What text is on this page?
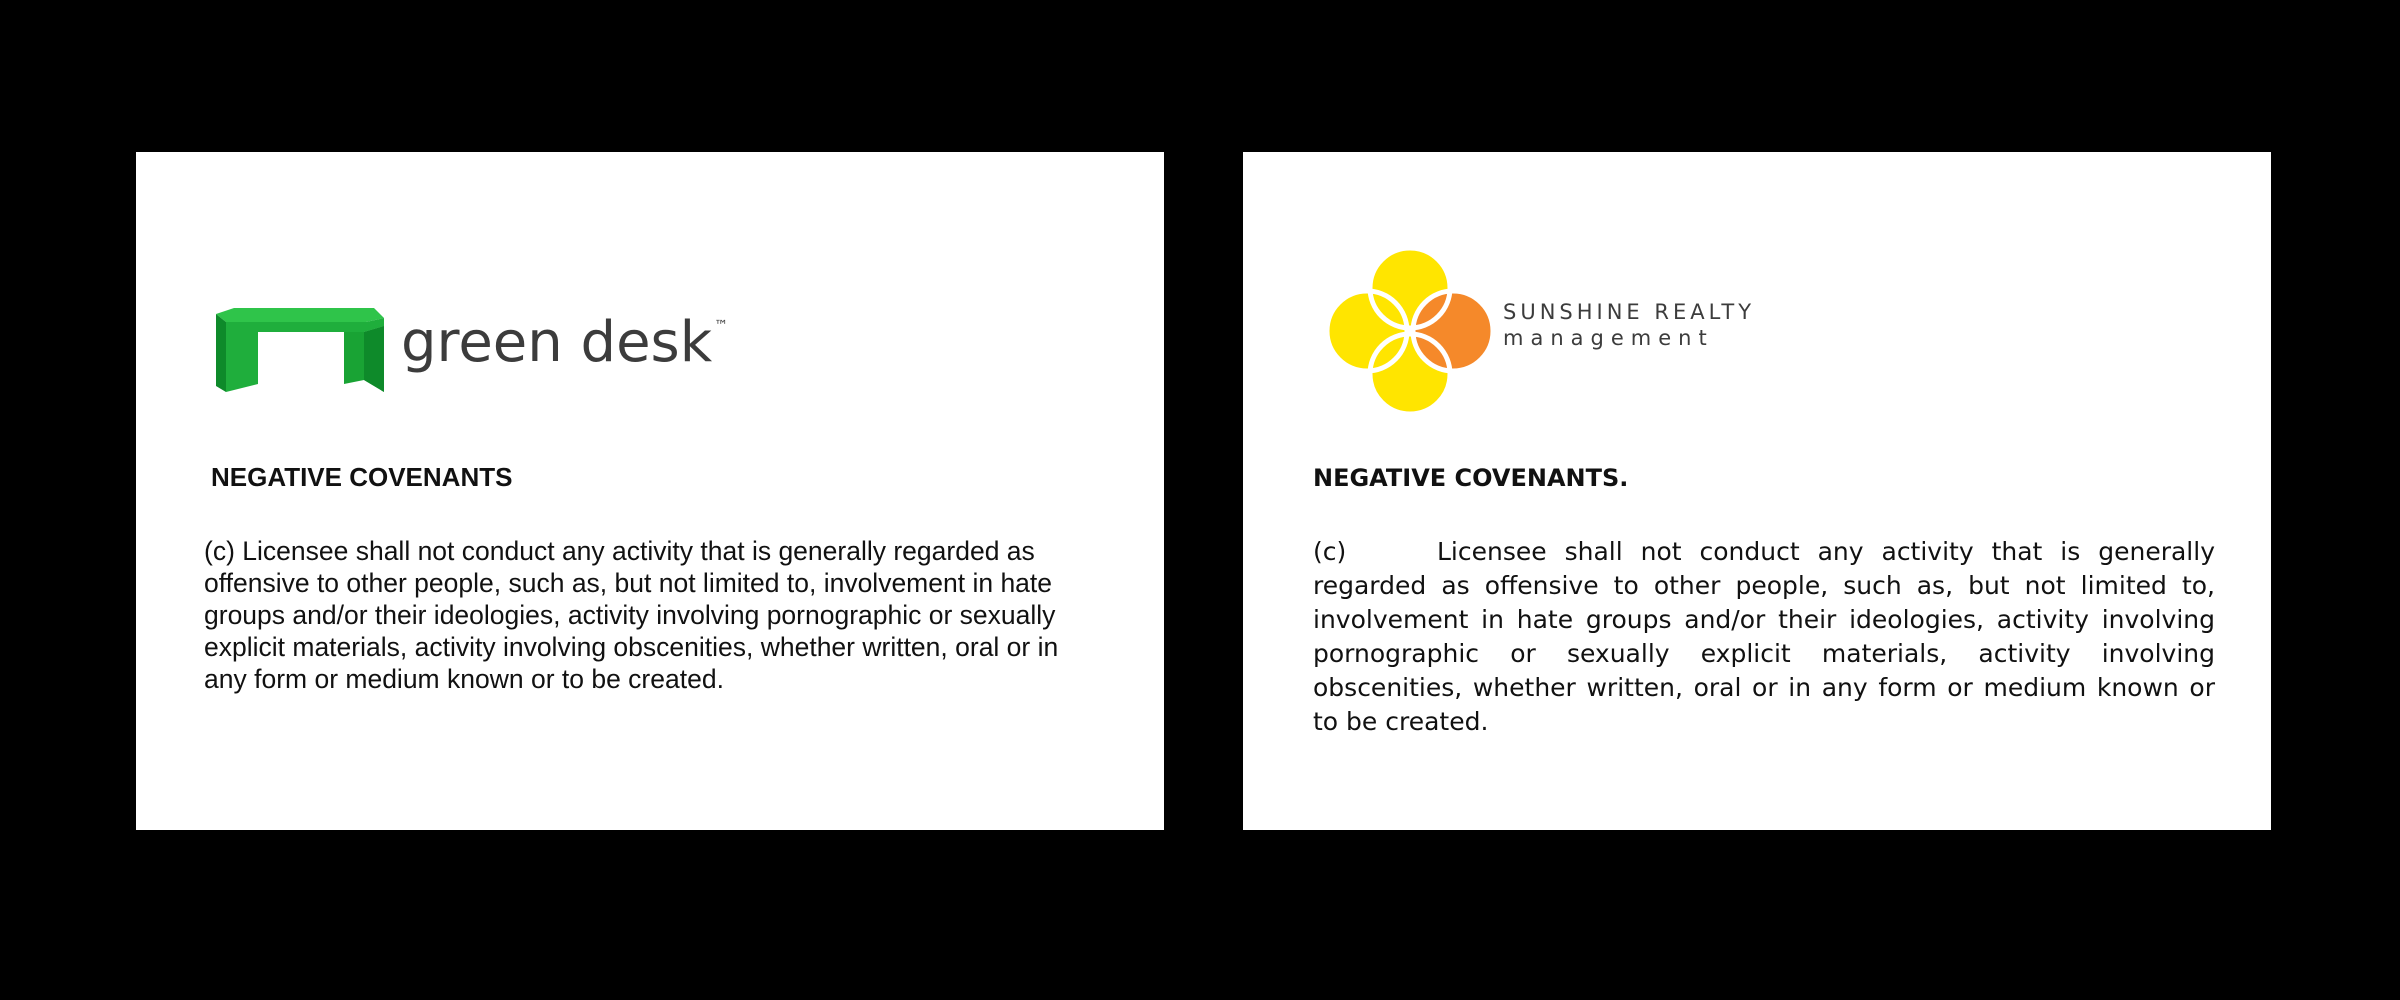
green desk ™
NEGATIVE COVENANTS

(c) Licensee shall not conduct any activity that is generally regarded as offensive to other people, such as, but not limited to, involvement in hate groups and/or their ideologies, activity involving pornographic or sexually explicit materials, activity involving obscenities, whether written, oral or in any form or medium known or to be created.

SUNSHINE REALTY
management
NEGATIVE COVENANTS.

(c)	Licensee shall not conduct any activity that is generally regarded as offensive to other people, such as, but not limited to, involvement in hate groups and/or their ideologies, activity involving pornographic or sexually explicit materials, activity involving obscenities, whether written, oral or in any form or medium known or to be created.
